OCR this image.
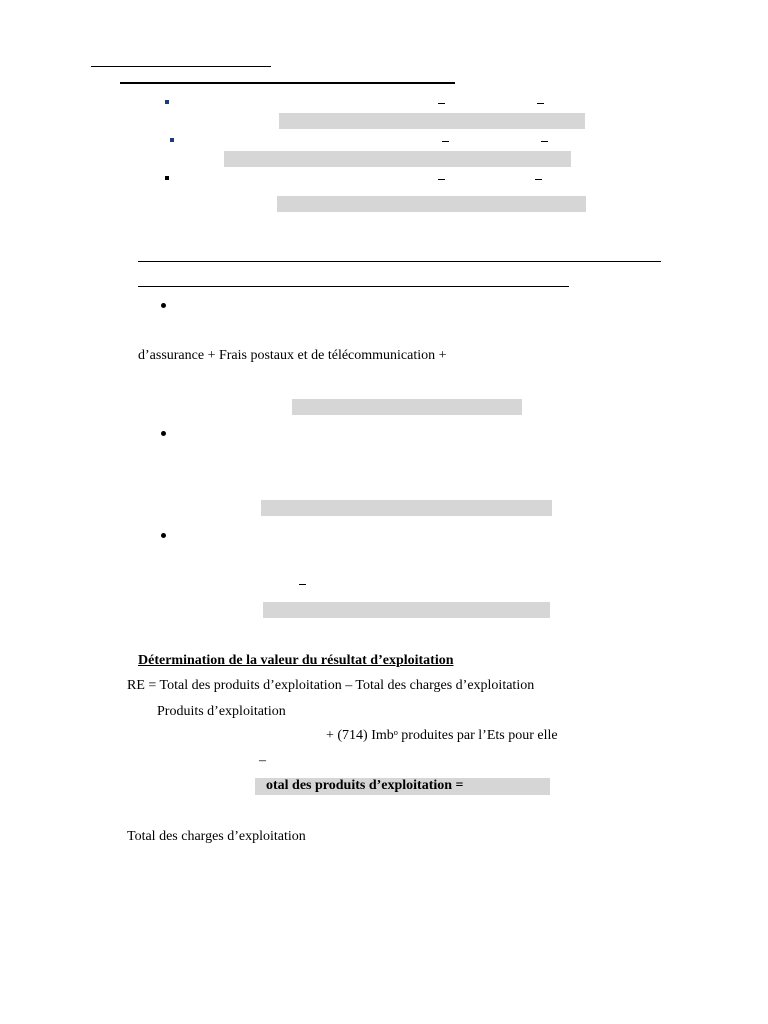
d’assurance + Frais postaux et de télécommunication +
Détermination de la valeur du résultat d’exploitation
RE = Total des produits d’exploitation – Total des charges d’exploitation
Produits d’exploitation
+ (714) Imbᵒ produites par l’Ets pour elle
–
otal des produits d’exploitation =
Total des charges d’exploitation
